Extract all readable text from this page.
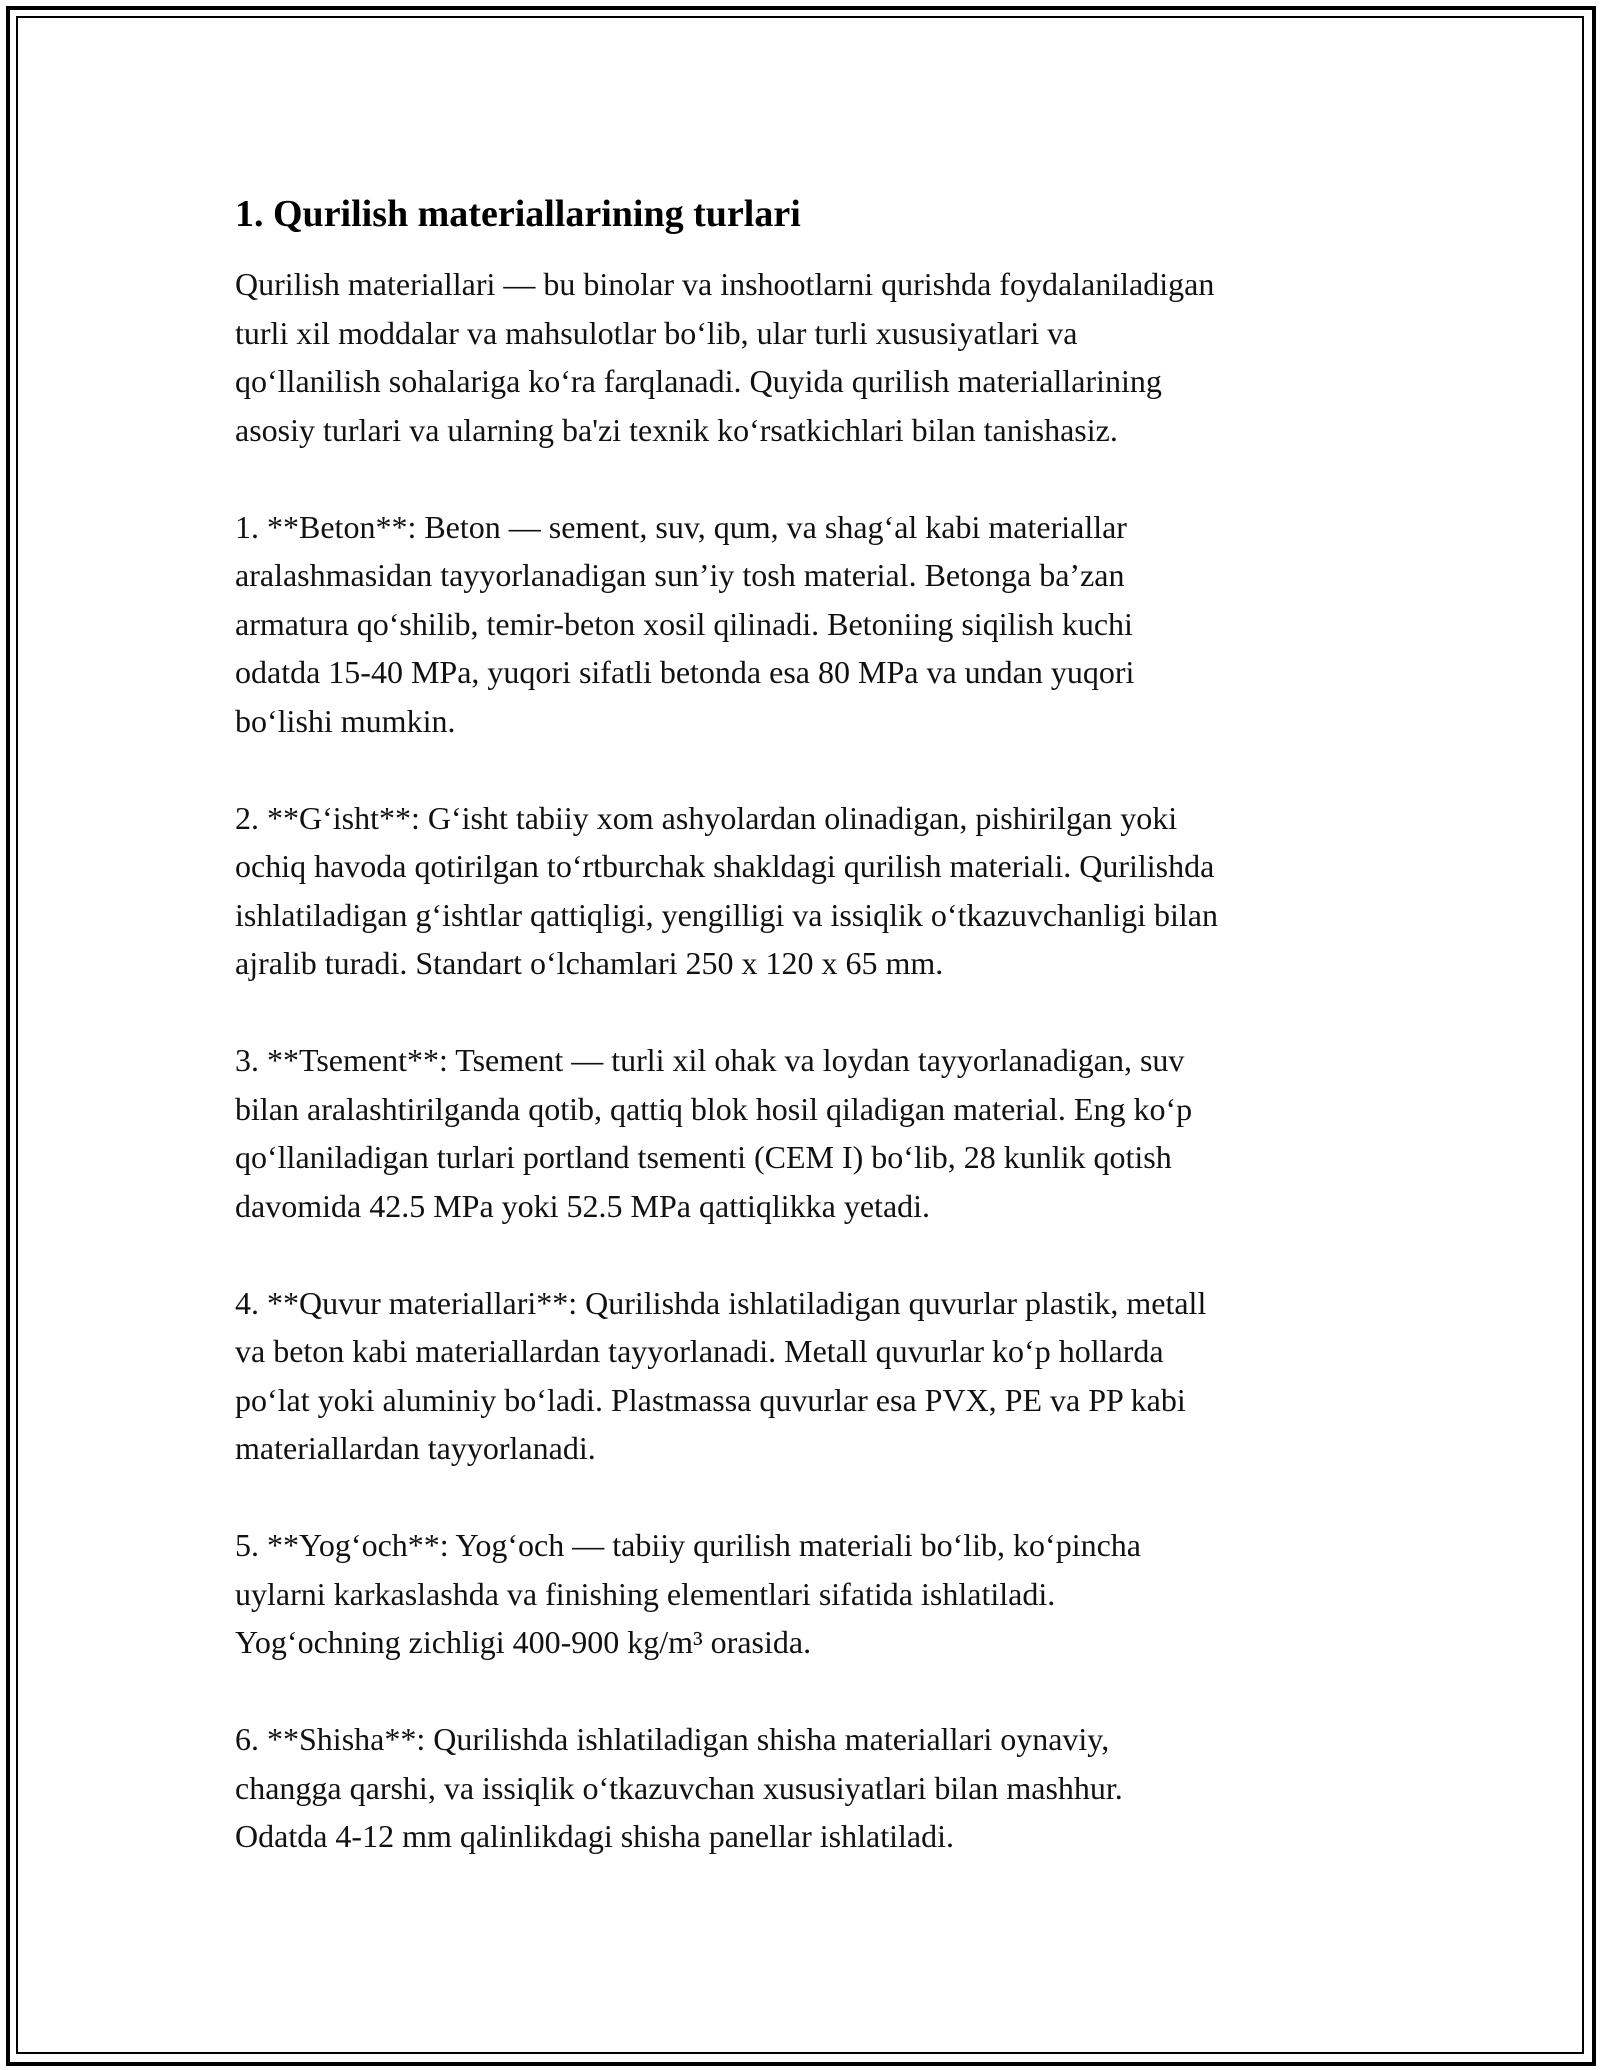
1. Qurilish materiallarining turlari

Qurilish materiallari — bu binolar va inshootlarni qurishda foydalaniladigan
turli xil moddalar va mahsulotlar bo‘lib, ular turli xususiyatlari va
qo‘llanilish sohalariga ko‘ra farqlanadi. Quyida qurilish materiallarining
asosiy turlari va ularning ba'zi texnik ko‘rsatkichlari bilan tanishasiz.

1. **Beton**: Beton — sement, suv, qum, va shag‘al kabi materiallar
aralashmasidan tayyorlanadigan sun’iy tosh material. Betonga ba’zan
armatura qo‘shilib, temir-beton xosil qilinadi. Betoniing siqilish kuchi
odatda 15-40 MPa, yuqori sifatli betonda esa 80 MPa va undan yuqori
bo‘lishi mumkin.

2. **G‘isht**: G‘isht tabiiy xom ashyolardan olinadigan, pishirilgan yoki
ochiq havoda qotirilgan to‘rtburchak shakldagi qurilish materiali. Qurilishda
ishlatiladigan g‘ishtlar qattiqligi, yengilligi va issiqlik o‘tkazuvchanligi bilan
ajralib turadi. Standart o‘lchamlari 250 x 120 x 65 mm.

3. **Tsement**: Tsement — turli xil ohak va loydan tayyorlanadigan, suv
bilan aralashtirilganda qotib, qattiq blok hosil qiladigan material. Eng ko‘p
qo‘llaniladigan turlari portland tsementi (CEM I) bo‘lib, 28 kunlik qotish
davomida 42.5 MPa yoki 52.5 MPa qattiqlikka yetadi.

4. **Quvur materiallari**: Qurilishda ishlatiladigan quvurlar plastik, metall
va beton kabi materiallardan tayyorlanadi. Metall quvurlar ko‘p hollarda
po‘lat yoki aluminiy bo‘ladi. Plastmassa quvurlar esa PVX, PE va PP kabi
materiallardan tayyorlanadi.

5. **Yog‘och**: Yog‘och — tabiiy qurilish materiali bo‘lib, ko‘pincha
uylarni karkaslashda va finishing elementlari sifatida ishlatiladi.
Yog‘ochning zichligi 400-900 kg/m³ orasida.

6. **Shisha**: Qurilishda ishlatiladigan shisha materiallari oynaviy,
changga qarshi, va issiqlik o‘tkazuvchan xususiyatlari bilan mashhur.
Odatda 4-12 mm qalinlikdagi shisha panellar ishlatiladi.
